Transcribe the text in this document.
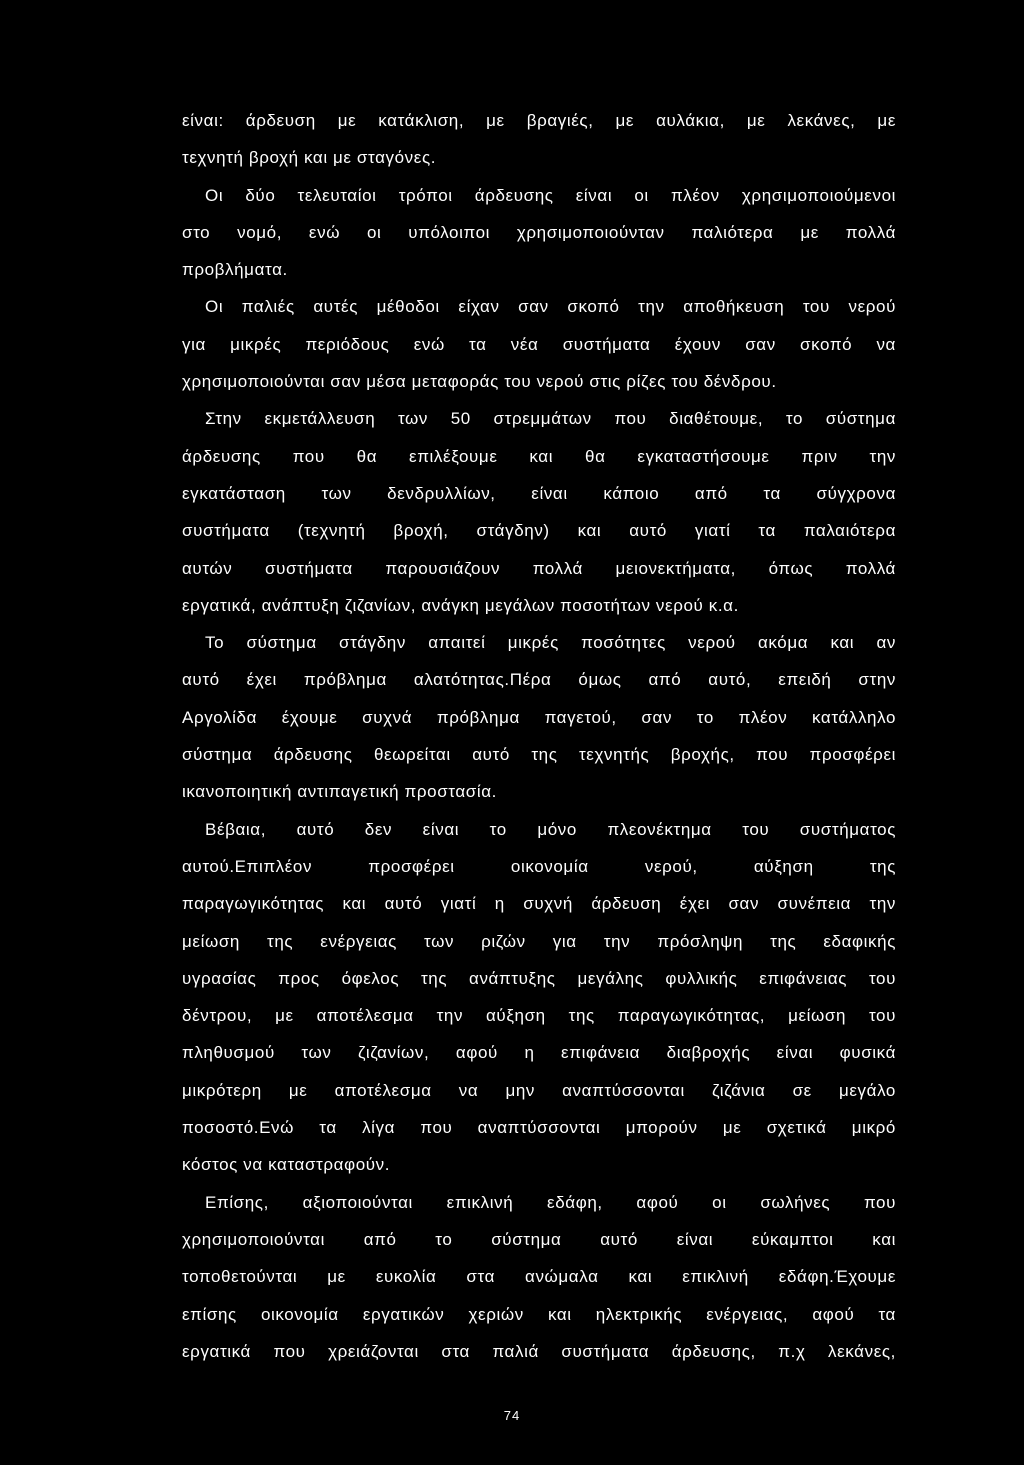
είναι: άρδευση με κατάκλιση, με βραγιές, με αυλάκια, με λεκάνες, με
τεχνητή βροχή και με σταγόνες.

Οι δύο τελευταίοι τρόποι άρδευσης είναι οι πλέον χρησιμοποιούμενοι
στο νομό, ενώ οι υπόλοιποι χρησιμοποιούνταν παλιότερα με πολλά
προβλήματα.

Οι παλιές αυτές μέθοδοι είχαν σαν σκοπό την αποθήκευση του νερού
για μικρές περιόδους ενώ τα νέα συστήματα έχουν σαν σκοπό να
χρησιμοποιούνται σαν μέσα μεταφοράς του νερού στις ρίζες του δένδρου.

Στην εκμετάλλευση των 50 στρεμμάτων που διαθέτουμε, το σύστημα
άρδευσης που θα επιλέξουμε και θα εγκαταστήσουμε πριν την
εγκατάσταση των δενδρυλλίων, είναι κάποιο από τα σύγχρονα
συστήματα (τεχνητή βροχή, στάγδην) και αυτό γιατί τα παλαιότερα
αυτών συστήματα παρουσιάζουν πολλά μειονεκτήματα, όπως πολλά
εργατικά, ανάπτυξη ζιζανίων, ανάγκη μεγάλων ποσοτήτων νερού κ.α.

Το σύστημα στάγδην απαιτεί μικρές ποσότητες νερού ακόμα και αν
αυτό έχει πρόβλημα αλατότητας.Πέρα όμως από αυτό, επειδή στην
Αργολίδα έχουμε συχνά πρόβλημα παγετού, σαν το πλέον κατάλληλο
σύστημα άρδευσης θεωρείται αυτό της τεχνητής βροχής, που προσφέρει
ικανοποιητική αντιπαγετική προστασία.

Βέβαια, αυτό δεν είναι το μόνο πλεονέκτημα του συστήματος
αυτού.Επιπλέον προσφέρει οικονομία νερού, αύξηση της
παραγωγικότητας και αυτό γιατί η συχνή άρδευση έχει σαν συνέπεια την
μείωση της ενέργειας των ριζών για την πρόσληψη της εδαφικής
υγρασίας προς όφελος της ανάπτυξης μεγάλης φυλλικής επιφάνειας του
δέντρου, με αποτέλεσμα την αύξηση της παραγωγικότητας, μείωση του
πληθυσμού των ζιζανίων, αφού η επιφάνεια διαβροχής είναι φυσικά
μικρότερη με αποτέλεσμα να μην αναπτύσσονται ζιζάνια σε μεγάλο
ποσοστό.Ενώ τα λίγα που αναπτύσσονται μπορούν με σχετικά μικρό
κόστος να καταστραφούν.

Επίσης, αξιοποιούνται επικλινή εδάφη, αφού οι σωλήνες που
χρησιμοποιούνται από το σύστημα αυτό είναι εύκαμπτοι και
τοποθετούνται με ευκολία στα ανώμαλα και επικλινή εδάφη.Έχουμε
επίσης οικονομία εργατικών χεριών και ηλεκτρικής ενέργειας, αφού τα
εργατικά που χρειάζονται στα παλιά συστήματα άρδευσης, π.χ λεκάνες,

74
